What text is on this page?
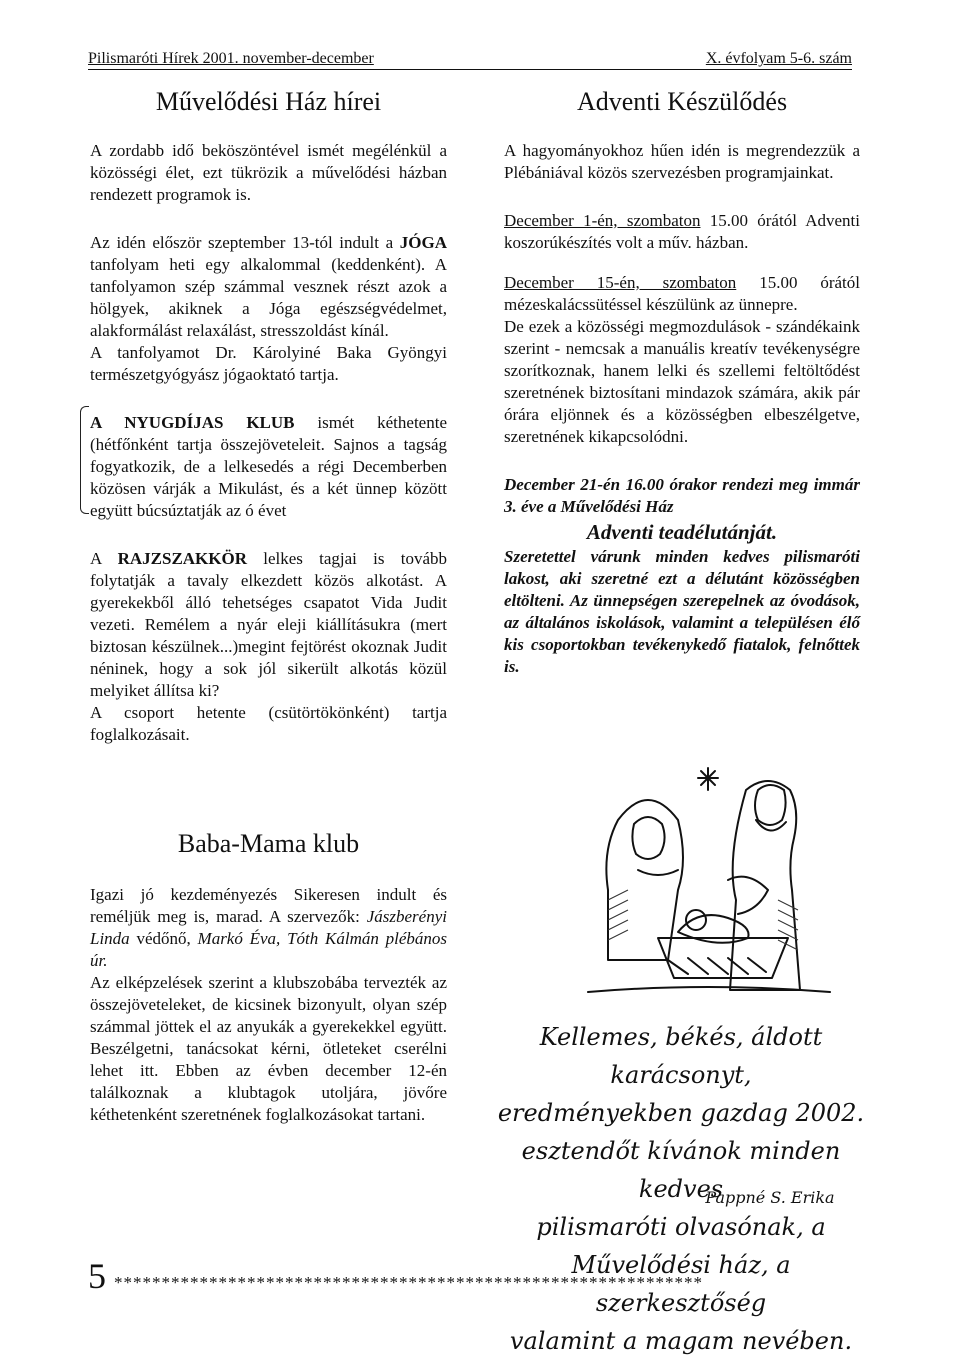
Pilismaróti Hírek 2001. november-december	X. évfolyam 5-6. szám
Művelődési Ház hírei

A zordabb idő beköszöntével ismét megélénkül a közösségi élet, ezt tükrözik a művelődési házban rendezett programok is.

Az idén először szeptember 13-tól indult a JÓGA tanfolyam heti egy alkalommal (keddenként). A tanfolyamon szép számmal vesznek részt azok a hölgyek, akiknek a Jóga egészségvédelmet, alakformálást relaxálást, stresszoldást kínál.

A tanfolyamot Dr. Károlyiné Baka Gyöngyi természetgyógyász jógaoktató tartja.

A NYUGDÍJAS KLUB ismét kéthetente (hétfőnként tartja összejöveteleit. Sajnos a tagság fogyatkozik, de a lelkesedés a régi Decemberben közösen várják a Mikulást, és a két ünnep között együtt búcsúztatják az ó évet

A RAJZSZAKKÖR lelkes tagjai is tovább folytatják a tavaly elkezdett közös alkotást. A gyerekekből álló tehetséges csapatot Vida Judit vezeti. Remélem a nyár eleji kiállításukra (mert biztosan készülnek...)megint fejtörést okoznak Judit néninek, hogy a sok jól sikerült alkotás közül melyiket állítsa ki?

A csoport hetente (csütörtökönként) tartja foglalkozásait.

Baba-Mama klub

Igazi jó kezdeményezés Sikeresen indult és reméljük meg is, marad. A szervezők: Jászberényi Linda védőnő, Markó Éva, Tóth Kálmán plébános úr.

Az elképzelések szerint a klubszobába tervezték az összejöveteleket, de kicsinek bizonyult, olyan szép számmal jöttek el az anyukák a gyerekekkel együtt. Beszélgetni, tanácsokat kérni, ötleteket cserélni lehet itt. Ebben az évben december 12-én találkoznak a klubtagok utoljára, jövőre kéthetenként szeretnének foglalkozásokat tartani.

Adventi Készülődés

A hagyományokhoz hűen idén is megrendezzük a Plébániával közös szervezésben programjainkat.

December 1-én, szombaton 15.00 órától Adventi koszorúkészítés volt a műv. házban.

December 15-én, szombaton 15.00 órától mézeskalácssütéssel készülünk az ünnepre.

De ezek a közösségi megmozdulások - szándékaink szerint - nemcsak a manuális kreatív tevékenységre szorítkoznak, hanem lelki és szellemi feltöltődést szeretnének biztosítani mindazok számára, akik pár órára eljönnek és a közösségben elbeszélgetve, szeretnének kikapcsolódni.

December 21-én 16.00 órakor rendezi meg immár 3. éve a Művelődési Ház

Adventi teadélutánját.

Szeretettel várunk minden kedves pilismaróti lakost, aki szeretné ezt a délutánt közösségben eltölteni. Az ünnepségen szerepelnek az óvodások, az általános iskolások, valamint a településen élő kis csoportokban tevékenykedő fiatalok, felnőttek is.

Kellemes, békés, áldott karácsonyt,
eredményekben gazdag 2002.
esztendőt kívánok minden kedves
pilismaróti olvasónak, a
Művelődési ház, a szerkesztőség
valamint a magam nevében.
Pappné S. Erika
5 **************************************************************
